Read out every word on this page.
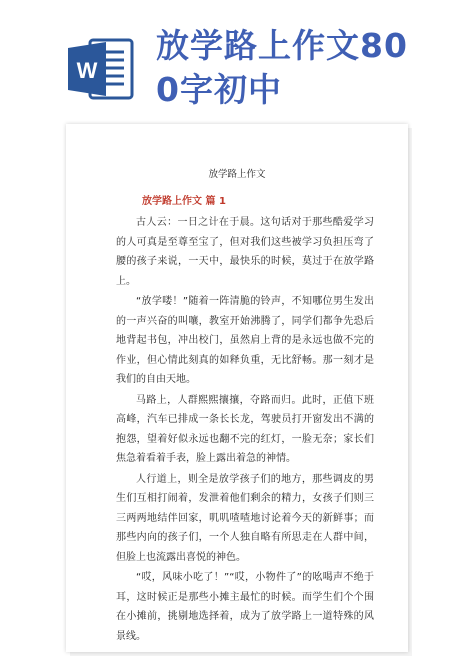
W
放学路上作文80
0字初中

放学路上作文

放学路上作文 篇 1

古人云：一日之计在于晨。这句话对于那些酷爱学习的人可真是至尊至宝了，但对我们这些被学习负担压弯了腰的孩子来说，一天中，最快乐的时候，莫过于在放学路上。

“放学喽！”随着一阵清脆的铃声，不知哪位男生发出的一声兴奋的叫嚷，教室开始沸腾了，同学们都争先恐后地背起书包，冲出校门，虽然肩上背的是永远也做不完的作业，但心情此刻真的如释负重，无比舒畅。那一刻才是我们的自由天地。

马路上，人群熙熙攘攘，夺路而归。此时，正值下班高峰，汽车已排成一条长长龙，驾驶员打开窗发出不满的抱怨，望着好似永远也翻不完的红灯，一脸无奈；家长们焦急着看着手表，脸上露出着急的神情。

人行道上，则全是放学孩子们的地方，那些调皮的男生们互相打闹着，发泄着他们剩余的精力，女孩子们则三三两两地结伴回家，叽叽喳喳地讨论着今天的新鲜事；而那些内向的孩子们，一个人独自略有所思走在人群中间，但脸上也流露出喜悦的神色。

“哎，风味小吃了！”“哎，小物件了”的吆喝声不绝于耳，这时候正是那些小摊主最忙的时候。而学生们个个围在小摊前，挑剔地选择着，成为了放学路上一道特殊的风景线。
